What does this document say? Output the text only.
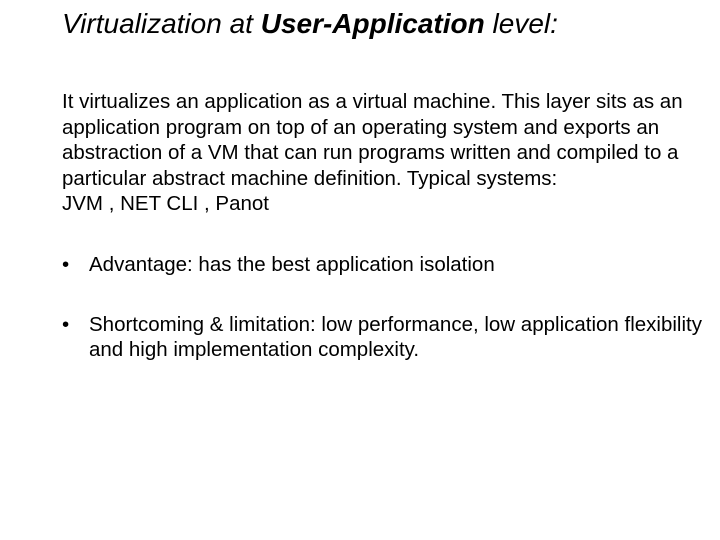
Virtualization at User-Application level:

It virtualizes an application as a virtual machine. This layer sits as an application program on top of an operating system and exports an abstraction of a VM that can run programs written and compiled to a particular abstract machine definition. Typical systems:
JVM , NET CLI , Panot

• Advantage: has the best application isolation
• Shortcoming & limitation: low performance, low application flexibility and high implementation complexity.
